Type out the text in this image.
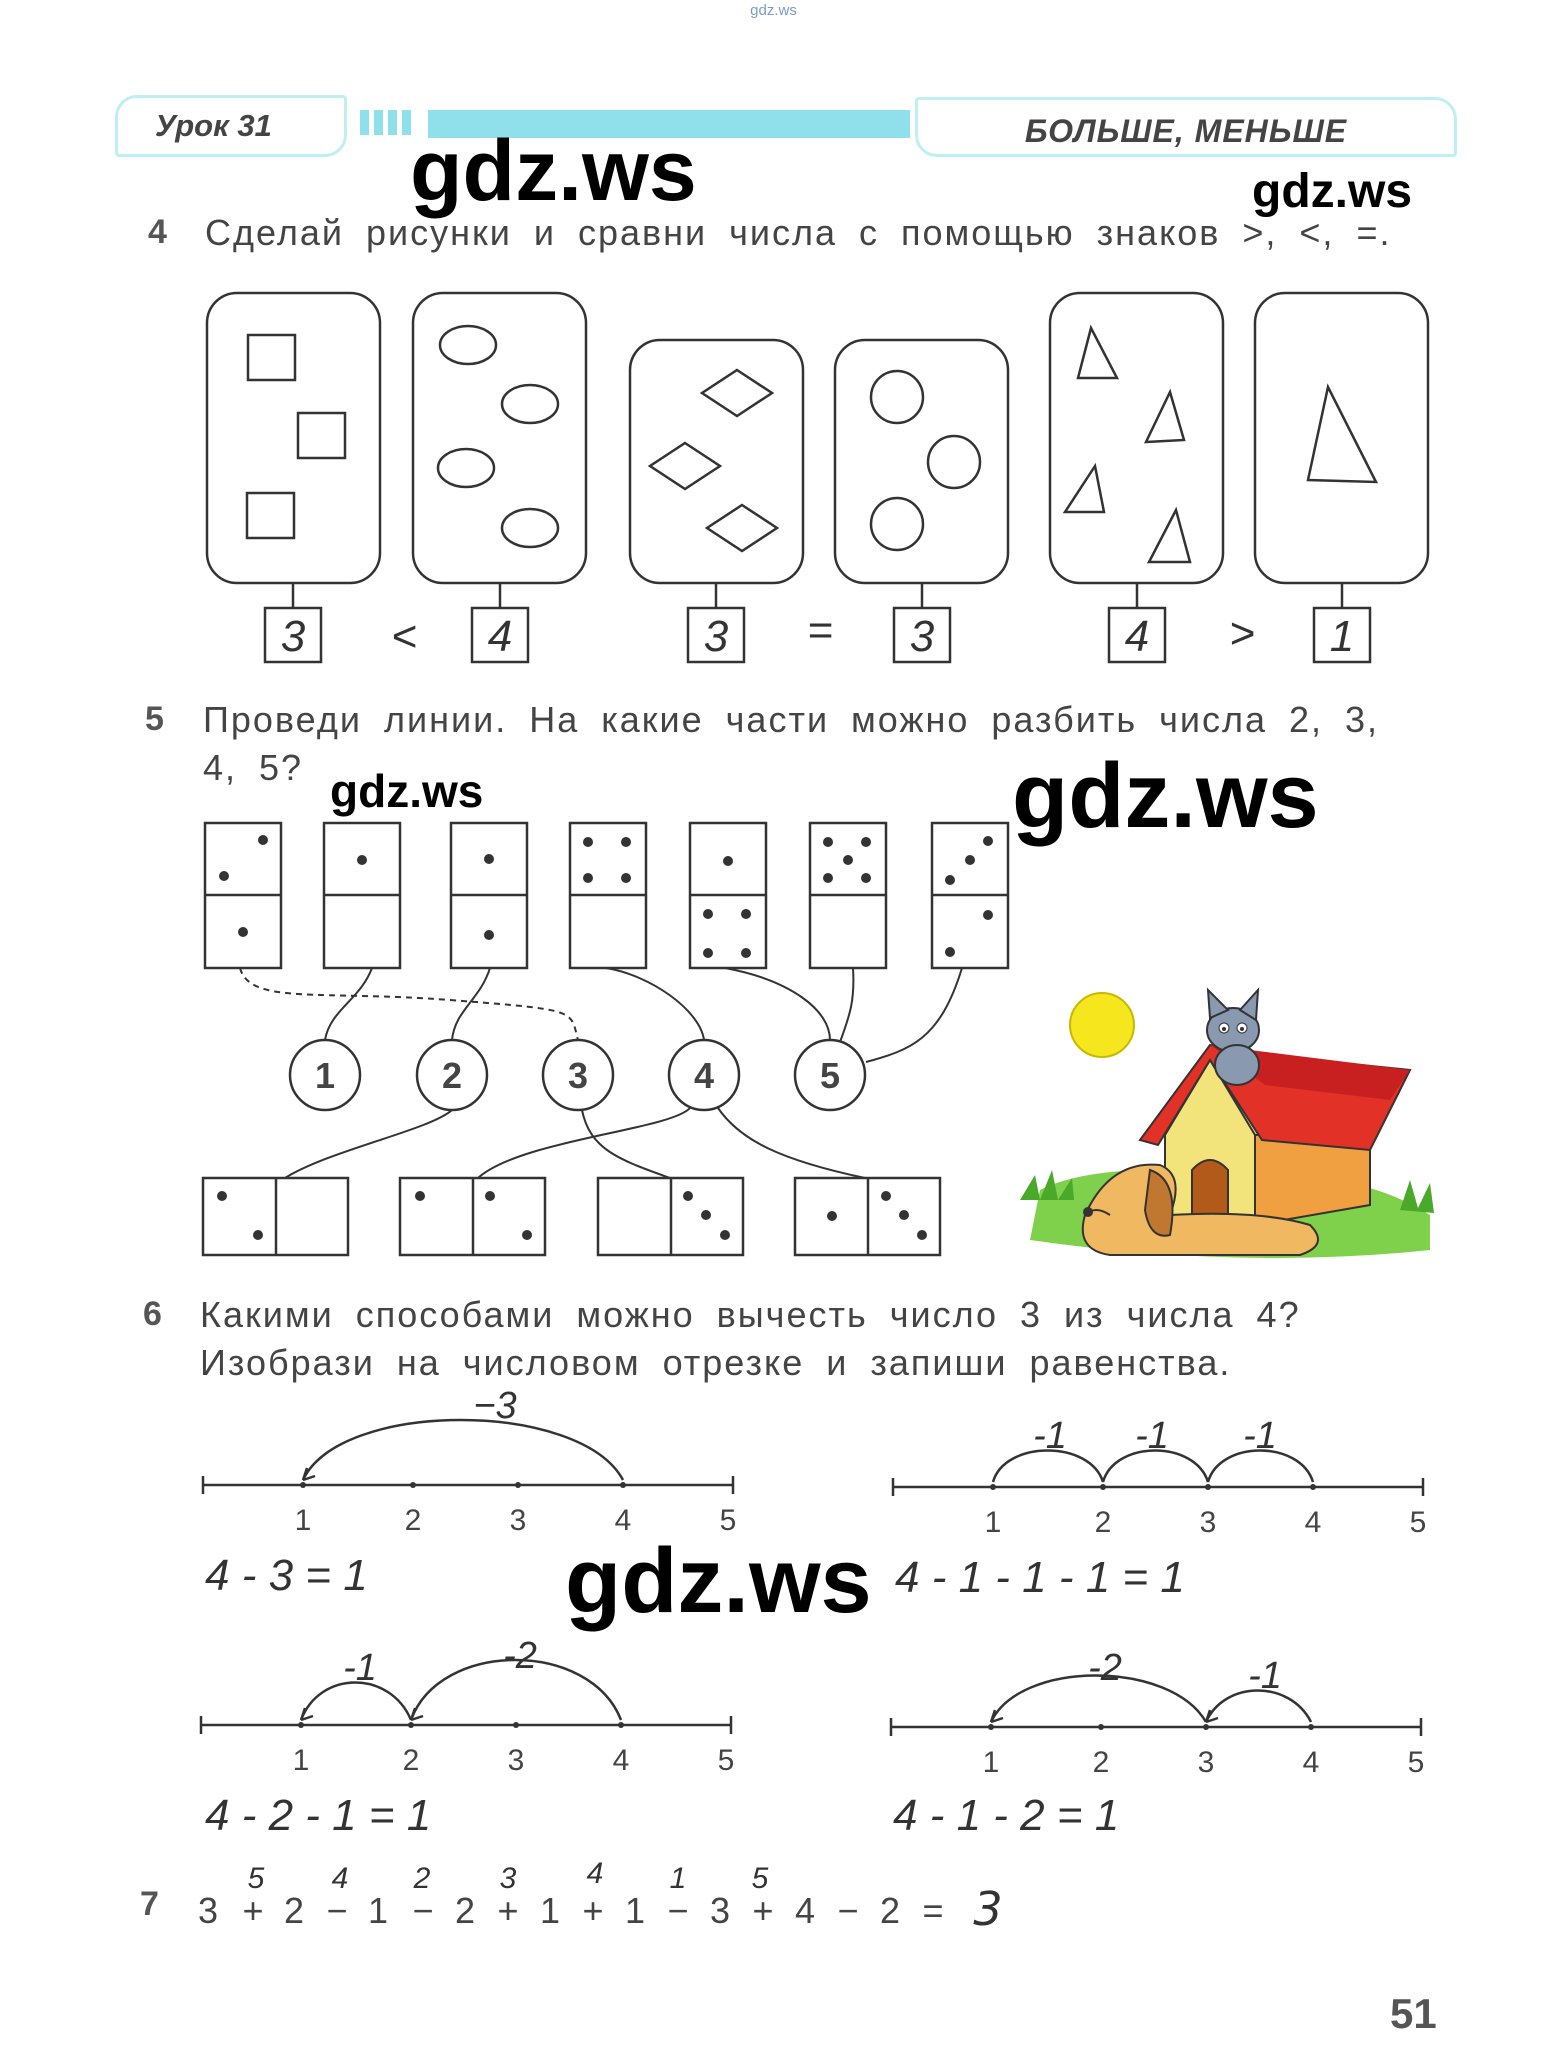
gdz.ws
Урок 31	БОЛЬШЕ, МЕНЬШЕ
gdz.ws	gdz.ws
gdz.ws	gdz.ws
gdz.ws
4 Сделай рисунки и сравни числа с помощью знаков >, <, =.
3 < 4	3 = 3	4 > 1
1	2	3	4	5
1	2	3	4	5	1	2	3	4	5
1	2	3	4	5	1	2	3	4	5
−3
-1 -1 -1
-1	-2	-2	-1
4 - 3 = 1	4 - 1 - 1 - 1 = 1
4 - 2 - 1 = 1	4 - 1 - 2 = 1
3 + 2 − 1 − 2 + 1 + 1 − 3 + 4 − 2 =
5 4 2 3 4 1 5
3
5 Проведи линии. На какие части можно разбить числа 2, 3,
4, 5?
6 Какими способами можно вычесть число 3 из числа 4?
Изобрази на числовом отрезке и запиши равенства.
7
51
